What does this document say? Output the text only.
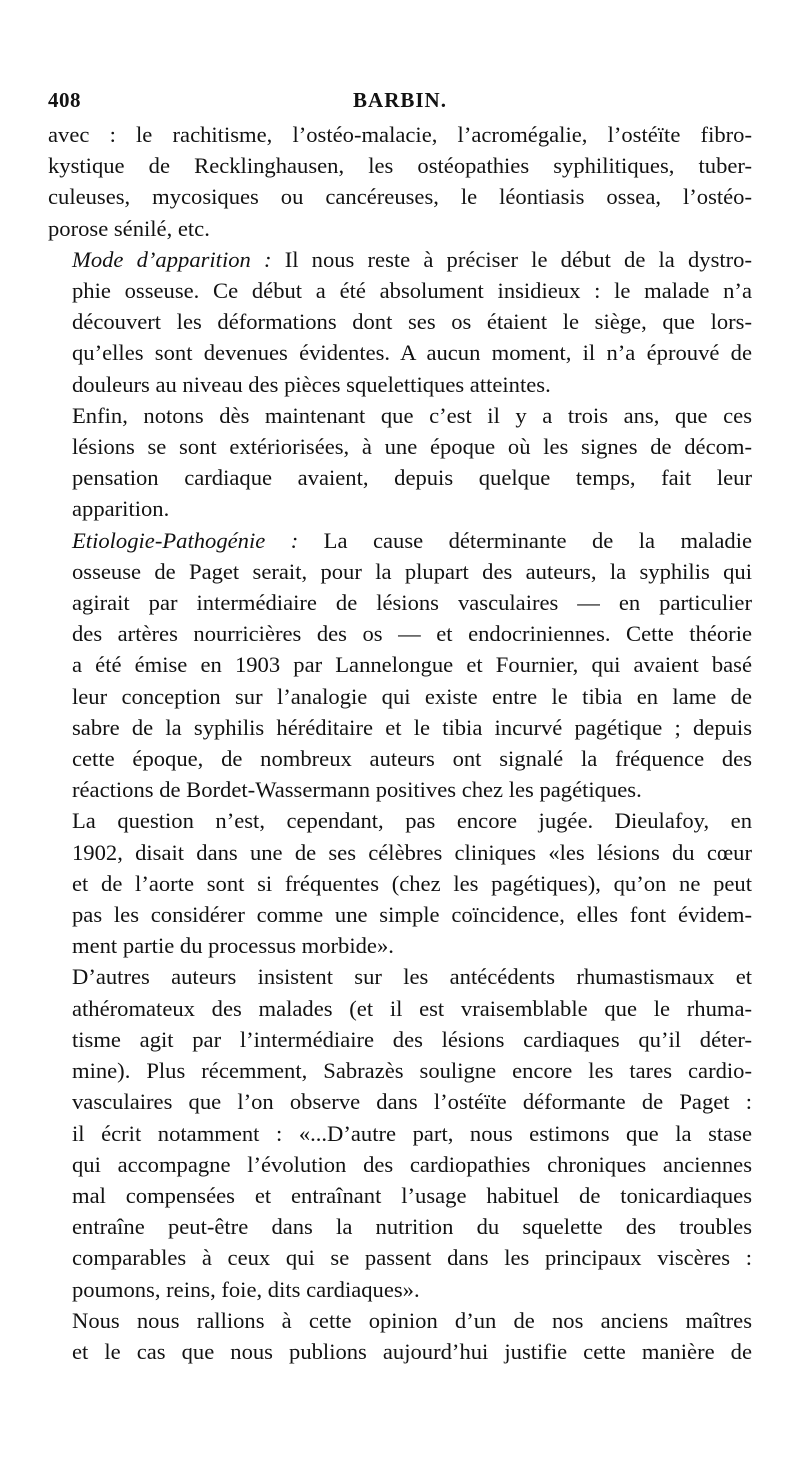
408	BARBIN.

avec : le rachitisme, l’ostéo-malacie, l’acromégalie, l’ostéïte fibro-
kystique de Recklinghausen, les ostéopathies syphilitiques, tuber-
culeuses, mycosiques ou cancéreuses, le léontiasis ossea, l’ostéo-
porose sénilé, etc.

Mode d’apparition : Il nous reste à préciser le début de la dystro-
phie osseuse. Ce début a été absolument insidieux : le malade n’a
découvert les déformations dont ses os étaient le siège, que lors-
qu’elles sont devenues évidentes. A aucun moment, il n’a éprouvé de
douleurs au niveau des pièces squelettiques atteintes.

Enfin, notons dès maintenant que c’est il y a trois ans, que ces
lésions se sont extériorisées, à une époque où les signes de décom-
pensation cardiaque avaient, depuis quelque temps, fait leur
apparition.

Etiologie-Pathogénie : La cause déterminante de la maladie
osseuse de Paget serait, pour la plupart des auteurs, la syphilis qui
agirait par intermédiaire de lésions vasculaires — en particulier
des artères nourricières des os — et endocriniennes. Cette théorie
a été émise en 1903 par Lannelongue et Fournier, qui avaient basé
leur conception sur l’analogie qui existe entre le tibia en lame de
sabre de la syphilis héréditaire et le tibia incurvé pagétique ; depuis
cette époque, de nombreux auteurs ont signalé la fréquence des
réactions de Bordet-Wassermann positives chez les pagétiques.

La question n’est, cependant, pas encore jugée. Dieulafoy, en
1902, disait dans une de ses célèbres cliniques «les lésions du cœur
et de l’aorte sont si fréquentes (chez les pagétiques), qu’on ne peut
pas les considérer comme une simple coïncidence, elles font évidem-
ment partie du processus morbide».

D’autres auteurs insistent sur les antécédents rhumastismaux et
athéromateux des malades (et il est vraisemblable que le rhuma-
tisme agit par l’intermédiaire des lésions cardiaques qu’il déter-
mine). Plus récemment, Sabrazès souligne encore les tares cardio-
vasculaires que l’on observe dans l’ostéïte déformante de Paget :
il écrit notamment : «...D’autre part, nous estimons que la stase
qui accompagne l’évolution des cardiopathies chroniques anciennes
mal compensées et entraînant l’usage habituel de tonicardiaques
entraîne peut-être dans la nutrition du squelette des troubles
comparables à ceux qui se passent dans les principaux viscères :
poumons, reins, foie, dits cardiaques».

Nous nous rallions à cette opinion d’un de nos anciens maîtres
et le cas que nous publions aujourd’hui justifie cette manière de
